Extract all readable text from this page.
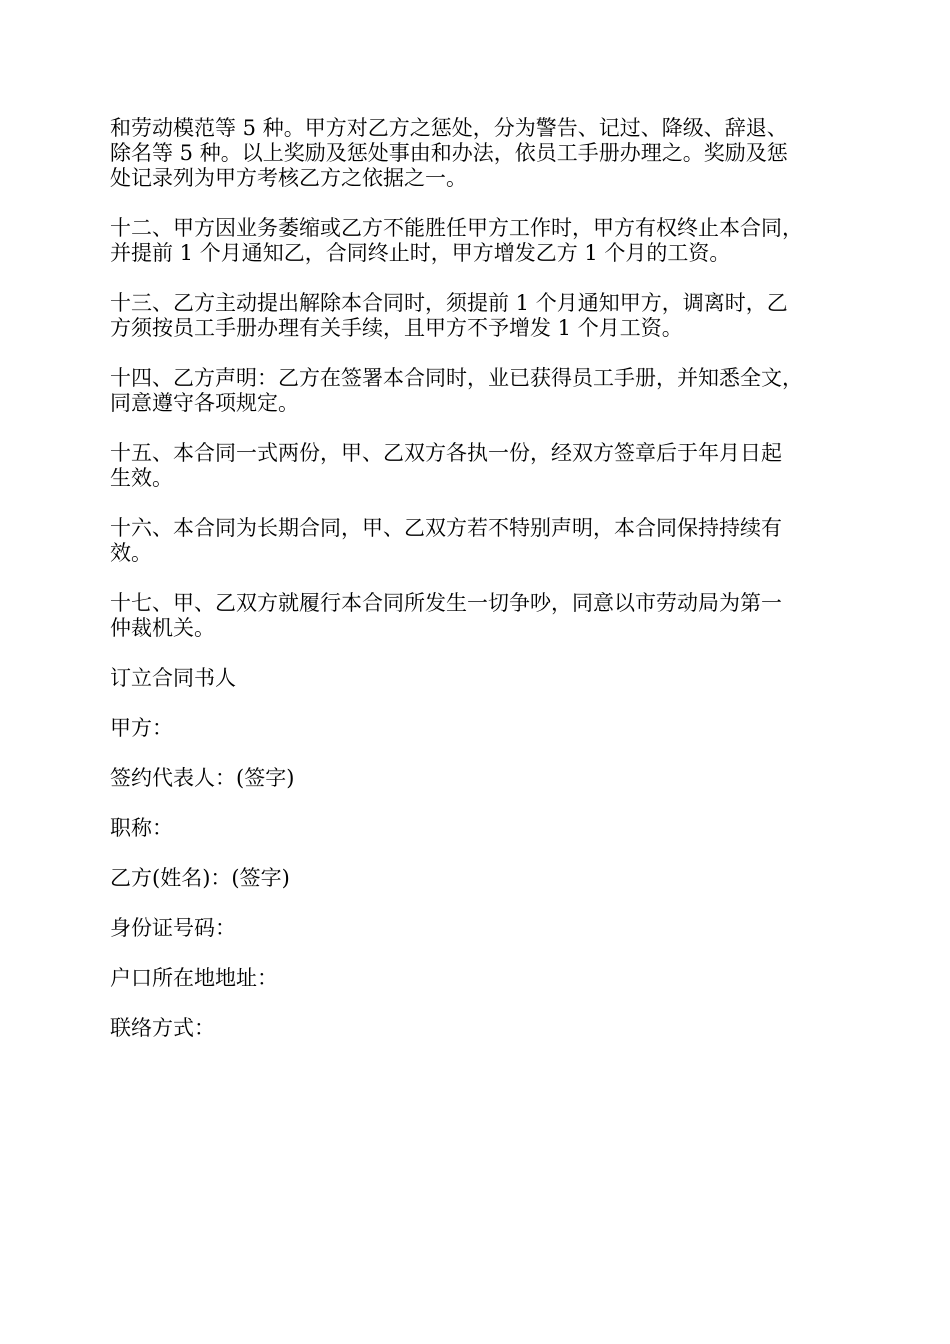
和劳动模范等 5 种。甲方对乙方之惩处，分为警告、记过、降级、辞退、
除名等 5 种。以上奖励及惩处事由和办法，依员工手册办理之。奖励及惩
处记录列为甲方考核乙方之依据之一。

十二、甲方因业务萎缩或乙方不能胜任甲方工作时，甲方有权终止本合同，
并提前 1 个月通知乙，合同终止时，甲方增发乙方 1 个月的工资。

十三、乙方主动提出解除本合同时，须提前 1 个月通知甲方，调离时，乙
方须按员工手册办理有关手续，且甲方不予增发 1 个月工资。

十四、乙方声明：乙方在签署本合同时，业已获得员工手册，并知悉全文，
同意遵守各项规定。

十五、本合同一式两份，甲、乙双方各执一份，经双方签章后于年月日起
生效。

十六、本合同为长期合同，甲、乙双方若不特别声明，本合同保持持续有
效。

十七、甲、乙双方就履行本合同所发生一切争吵，同意以市劳动局为第一
仲裁机关。

订立合同书人

甲方：

签约代表人：(签字)

职称：

乙方(姓名)：(签字)

身份证号码：

户口所在地地址：

联络方式：
